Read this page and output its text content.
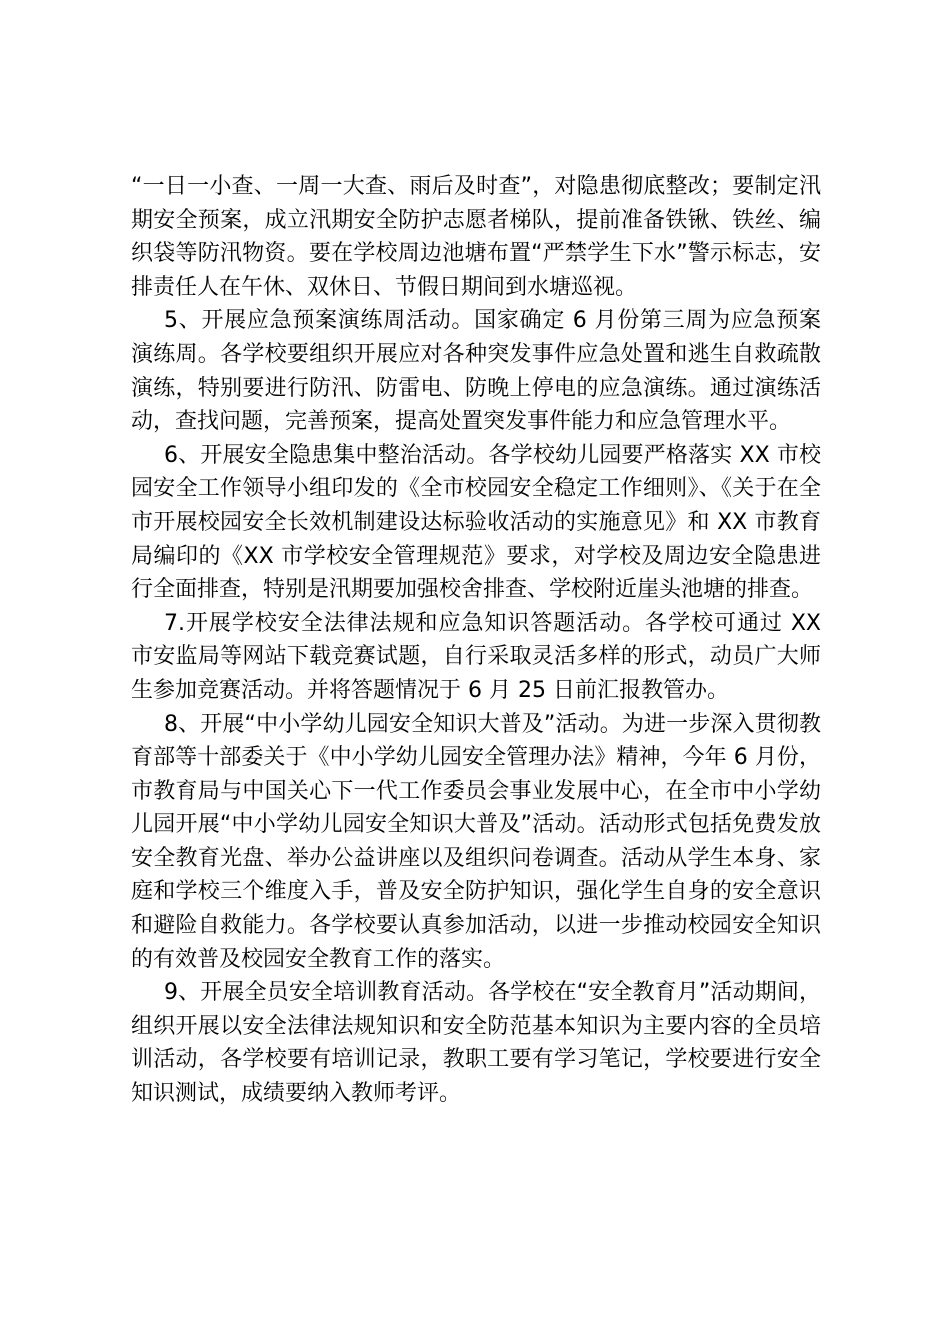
“一日一小查、一周一大查、雨后及时查”，对隐患彻底整改；要制定汛期安全预案，成立汛期安全防护志愿者梯队，提前准备铁锹、铁丝、编织袋等防汛物资。要在学校周边池塘布置“严禁学生下水”警示标志，安排责任人在午休、双休日、节假日期间到水塘巡视。

5、开展应急预案演练周活动。国家确定 6 月份第三周为应急预案演练周。各学校要组织开展应对各种突发事件应急处置和逃生自救疏散演练，特别要进行防汛、防雷电、防晚上停电的应急演练。通过演练活动，查找问题，完善预案，提高处置突发事件能力和应急管理水平。

6、开展安全隐患集中整治活动。各学校幼儿园要严格落实 XX 市校园安全工作领导小组印发的《全市校园安全稳定工作细则》、《关于在全市开展校园安全长效机制建设达标验收活动的实施意见》和 XX 市教育局编印的《XX 市学校安全管理规范》要求，对学校及周边安全隐患进行全面排查，特别是汛期要加强校舍排查、学校附近崖头池塘的排查。

7.开展学校安全法律法规和应急知识答题活动。各学校可通过 XX 市安监局等网站下载竞赛试题，自行采取灵活多样的形式，动员广大师生参加竞赛活动。并将答题情况于 6 月 25 日前汇报教管办。

8、开展“中小学幼儿园安全知识大普及”活动。为进一步深入贯彻教育部等十部委关于《中小学幼儿园安全管理办法》精神，今年 6 月份，市教育局与中国关心下一代工作委员会事业发展中心，在全市中小学幼儿园开展“中小学幼儿园安全知识大普及”活动。活动形式包括免费发放安全教育光盘、举办公益讲座以及组织问卷调查。活动从学生本身、家庭和学校三个维度入手，普及安全防护知识，强化学生自身的安全意识和避险自救能力。各学校要认真参加活动，以进一步推动校园安全知识的有效普及校园安全教育工作的落实。

9、开展全员安全培训教育活动。各学校在“安全教育月”活动期间，组织开展以安全法律法规知识和安全防范基本知识为主要内容的全员培训活动，各学校要有培训记录，教职工要有学习笔记，学校要进行安全知识测试，成绩要纳入教师考评。
